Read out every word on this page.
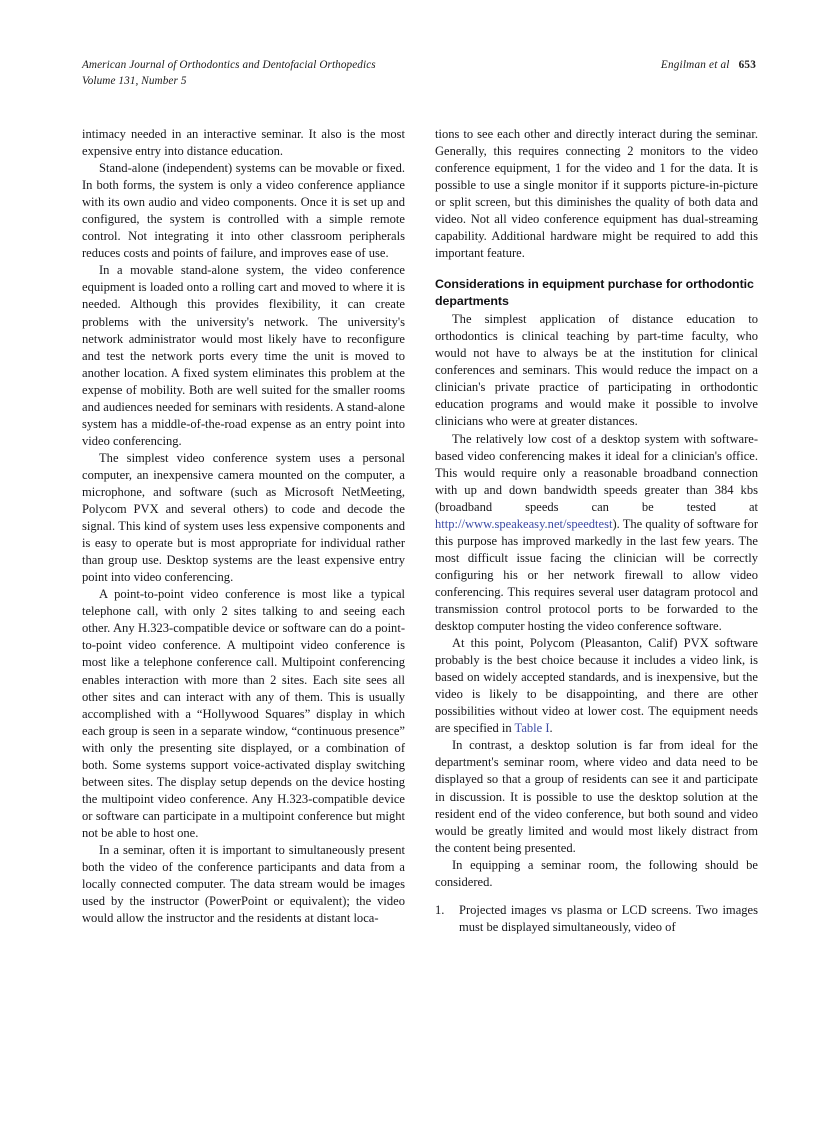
American Journal of Orthodontics and Dentofacial Orthopedics
Volume 131, Number 5
Engilman et al 653

intimacy needed in an interactive seminar. It also is the most expensive entry into distance education.

Stand-alone (independent) systems can be movable or fixed. In both forms, the system is only a video conference appliance with its own audio and video components. Once it is set up and configured, the system is controlled with a simple remote control. Not integrating it into other classroom peripherals reduces costs and points of failure, and improves ease of use.

In a movable stand-alone system, the video conference equipment is loaded onto a rolling cart and moved to where it is needed. Although this provides flexibility, it can create problems with the university's network. The university's network administrator would most likely have to reconfigure and test the network ports every time the unit is moved to another location. A fixed system eliminates this problem at the expense of mobility. Both are well suited for the smaller rooms and audiences needed for seminars with residents. A stand-alone system has a middle-of-the-road expense as an entry point into video conferencing.

The simplest video conference system uses a personal computer, an inexpensive camera mounted on the computer, a microphone, and software (such as Microsoft NetMeeting, Polycom PVX and several others) to code and decode the signal. This kind of system uses less expensive components and is easy to operate but is most appropriate for individual rather than group use. Desktop systems are the least expensive entry point into video conferencing.

A point-to-point video conference is most like a typical telephone call, with only 2 sites talking to and seeing each other. Any H.323-compatible device or software can do a point-to-point video conference. A multipoint video conference is most like a telephone conference call. Multipoint conferencing enables interaction with more than 2 sites. Each site sees all other sites and can interact with any of them. This is usually accomplished with a “Hollywood Squares” display in which each group is seen in a separate window, “continuous presence” with only the presenting site displayed, or a combination of both. Some systems support voice-activated display switching between sites. The display setup depends on the device hosting the multipoint video conference. Any H.323-compatible device or software can participate in a multipoint conference but might not be able to host one.

In a seminar, often it is important to simultaneously present both the video of the conference participants and data from a locally connected computer. The data stream would be images used by the instructor (PowerPoint or equivalent); the video would allow the instructor and the residents at distant loca-

tions to see each other and directly interact during the seminar. Generally, this requires connecting 2 monitors to the video conference equipment, 1 for the video and 1 for the data. It is possible to use a single monitor if it supports picture-in-picture or split screen, but this diminishes the quality of both data and video. Not all video conference equipment has dual-streaming capability. Additional hardware might be required to add this important feature.

Considerations in equipment purchase for orthodontic departments

The simplest application of distance education to orthodontics is clinical teaching by part-time faculty, who would not have to always be at the institution for clinical conferences and seminars. This would reduce the impact on a clinician's private practice of participating in orthodontic education programs and would make it possible to involve clinicians who were at greater distances.

The relatively low cost of a desktop system with software-based video conferencing makes it ideal for a clinician's office. This would require only a reasonable broadband connection with up and down bandwidth speeds greater than 384 kbs (broadband speeds can be tested at http://www.speakeasy.net/speedtest). The quality of software for this purpose has improved markedly in the last few years. The most difficult issue facing the clinician will be correctly configuring his or her network firewall to allow video conferencing. This requires several user datagram protocol and transmission control protocol ports to be forwarded to the desktop computer hosting the video conference software.

At this point, Polycom (Pleasanton, Calif) PVX software probably is the best choice because it includes a video link, is based on widely accepted standards, and is inexpensive, but the video is likely to be disappointing, and there are other possibilities without video at lower cost. The equipment needs are specified in Table I.

In contrast, a desktop solution is far from ideal for the department's seminar room, where video and data need to be displayed so that a group of residents can see it and participate in discussion. It is possible to use the desktop solution at the resident end of the video conference, but both sound and video would be greatly limited and would most likely distract from the content being presented.

In equipping a seminar room, the following should be considered.

1.	Projected images vs plasma or LCD screens. Two images must be displayed simultaneously, video of
